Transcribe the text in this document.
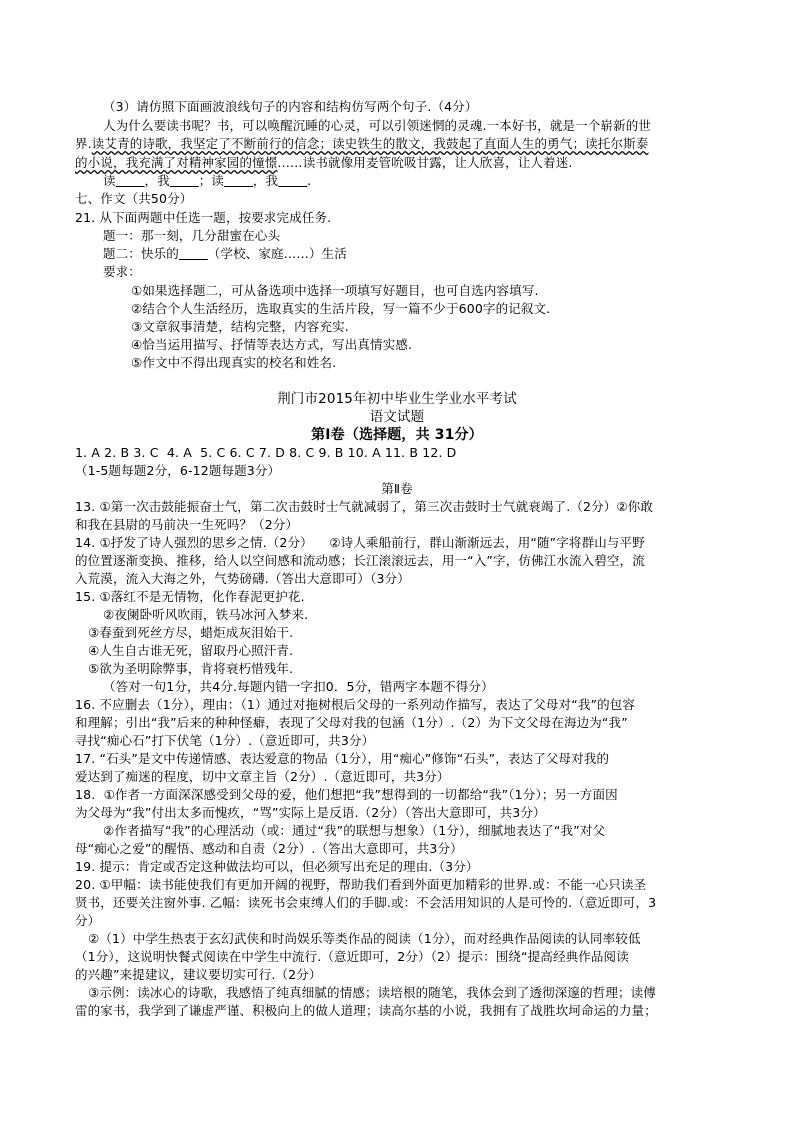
（3）请仿照下面画波浪线句子的内容和结构仿写两个句子.（4分）
人为什么要读书呢？书，可以唤醒沉睡的心灵，可以引领迷惘的灵魂.一本好书，就是一个崭新的世
界.读艾青的诗歌，我坚定了不断前行的信念；读史铁生的散文，我鼓起了直面人生的勇气；读托尔斯泰
的小说，我充满了对精神家园的憧憬……读书就像用麦管吮吸甘露，让人欣喜，让人着迷.
读 ，我 ；读 ，我 .
七、作文（共50分）
21. 从下面两题中任选一题，按要求完成任务.
题一：那一刻，几分甜蜜在心头
题二：快乐的 （学校、家庭……）生活
要求：
①如果选择题二，可从备选项中选择一项填写好题目，也可自选内容填写.
②结合个人生活经历，选取真实的生活片段，写一篇不少于600字的记叙文.
③文章叙事清楚，结构完整，内容充实.
④恰当运用描写、抒情等表达方式，写出真情实感.
⑤作文中不得出现真实的校名和姓名.
荆门市2015年初中毕业生学业水平考试
语文试题
第Ⅰ卷（选择题，共 31分）
1. A 2. B 3. C  4. A  5. C 6. C 7. D 8. C 9. B 10. A 11. B 12. D
（1-5题每题2分，6-12题每题3分）
第Ⅱ卷
13. ①第一次击鼓能振奋士气，第二次击鼓时士气就减弱了，第三次击鼓时士气就衰竭了.（2分）②你敢
和我在县尉的马前决一生死吗？（2分）
14. ①抒发了诗人强烈的思乡之情.（2分）    ②诗人乘船前行，群山渐渐远去，用“随”字将群山与平野
的位置逐渐变换、推移，给人以空间感和流动感；长江滚滚远去，用一“入”字，仿佛江水流入碧空，流
入荒漠，流入大海之外，气势磅礴.（答出大意即可）（3分）
15. ①落红不是无情物，化作春泥更护花.
②夜阑卧听风吹雨，铁马冰河入梦来.
③春蚕到死丝方尽，蜡炬成灰泪始干.
④人生自古谁无死，留取丹心照汗青.
⑤欲为圣明除弊事，肯将衰朽惜残年.
（答对一句1分，共4分.每题内错一字扣0．5分，错两字本题不得分）
16. 不应删去（1分），理由：（1）通过对拖树根后父母的一系列动作描写，表达了父母对“我”的包容
和理解；引出“我”后来的种种怪癖，表现了父母对我的包涵（1分）.（2）为下文父母在海边为“我”
寻找“痴心石”打下伏笔（1分）.（意近即可，共3分）
17. “石头”是文中传递情感、表达爱意的物品（1分），用“痴心”修饰“石头”，表达了父母对我的
爱达到了痴迷的程度，切中文章主旨（2分）.（意近即可，共3分）
18.  ①作者一方面深深感受到父母的爱，他们想把“我”想得到的一切都给“我”（1分）；另一方面因
为父母为“我”付出太多而愧疚，“骂”实际上是反语.（2分）（答出大意即可，共3分）
②作者描写“我”的心理活动（或：通过“我”的联想与想象）（1分），细腻地表达了“我”对父
母“痴心之爱”的醒悟、感动和自责（2分）.（答出大意即可，共3分）
19. 提示：肯定或否定这种做法均可以，但必须写出充足的理由.（3分）
20. ①甲幅：读书能使我们有更加开阔的视野，帮助我们看到外面更加精彩的世界.或：不能一心只读圣
贤书，还要关注窗外事. 乙幅：读死书会束缚人们的手脚.或：不会活用知识的人是可怜的.（意近即可，3
分）
②（1）中学生热衷于玄幻武侠和时尚娱乐等类作品的阅读（1分），而对经典作品阅读的认同率较低
（1分），这说明快餐式阅读在中学生中流行.（意近即可，2分）（2）提示：围绕“提高经典作品阅读
的兴趣”来提建议，建议要切实可行.（2分）
③示例：读冰心的诗歌，我感悟了纯真细腻的情感；读培根的随笔，我体会到了透彻深邃的哲理；读傅
雷的家书，我学到了谦虚严谨、积极向上的做人道理；读高尔基的小说，我拥有了战胜坎坷命运的力量；
